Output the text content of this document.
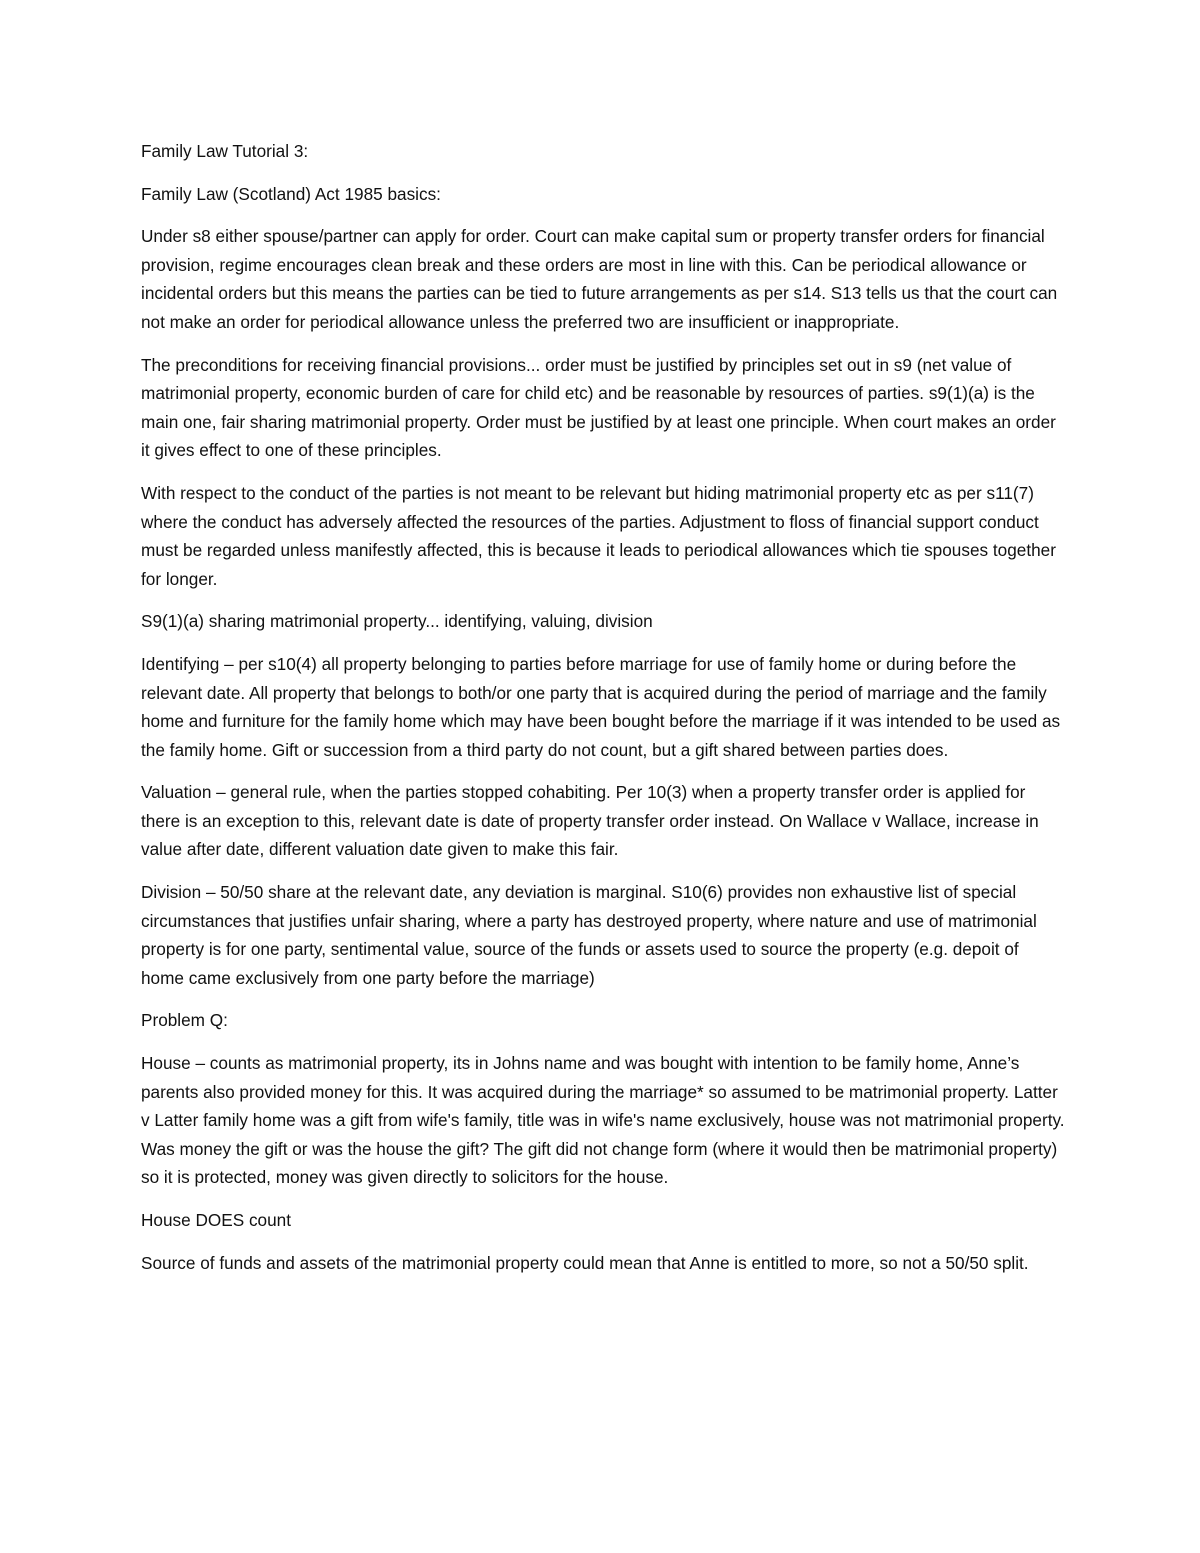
Family Law Tutorial 3:

Family Law (Scotland) Act 1985 basics:

Under s8 either spouse/partner can apply for order. Court can make capital sum or property transfer orders for financial provision, regime encourages clean break and these orders are most in line with this. Can be periodical allowance or incidental orders but this means the parties can be tied to future arrangements as per s14. S13 tells us that the court can not make an order for periodical allowance unless the preferred two are insufficient or inappropriate.

The preconditions for receiving financial provisions... order must be justified by principles set out in s9 (net value of matrimonial property, economic burden of care for child etc) and be reasonable by resources of parties. s9(1)(a) is the main one, fair sharing matrimonial property. Order must be justified by at least one principle. When court makes an order it gives effect to one of these principles.

With respect to the conduct of the parties is not meant to be relevant but hiding matrimonial property etc as per s11(7) where the conduct has adversely affected the resources of the parties. Adjustment to floss of financial support conduct must be regarded unless manifestly affected, this is because it leads to periodical allowances which tie spouses together for longer.

S9(1)(a) sharing matrimonial property... identifying, valuing, division

Identifying – per s10(4) all property belonging to parties before marriage for use of family home or during before the relevant date. All property that belongs to both/or one party that is acquired during the period of marriage and the family home and furniture for the family home which may have been bought before the marriage if it was intended to be used as the family home. Gift or succession from a third party do not count, but a gift shared between parties does.

Valuation – general rule, when the parties stopped cohabiting. Per 10(3) when a property transfer order is applied for there is an exception to this, relevant date is date of property transfer order instead. On Wallace v Wallace, increase in value after date, different valuation date given to make this fair.

Division – 50/50 share at the relevant date, any deviation is marginal. S10(6) provides non exhaustive list of special circumstances that justifies unfair sharing, where a party has destroyed property, where nature and use of matrimonial property is for one party, sentimental value, source of the funds or assets used to source the property (e.g. depoit of home came exclusively from one party before the marriage)

Problem Q:

House – counts as matrimonial property, its in Johns name and was bought with intention to be family home, Anne’s parents also provided money for this. It was acquired during the marriage* so assumed to be matrimonial property. Latter v Latter family home was a gift from wife's family, title was in wife's name exclusively, house was not matrimonial property. Was money the gift or was the house the gift? The gift did not change form (where it would then be matrimonial property) so it is protected, money was given directly to solicitors for the house.

House DOES count

Source of funds and assets of the matrimonial property could mean that Anne is entitled to more, so not a 50/50 split.
